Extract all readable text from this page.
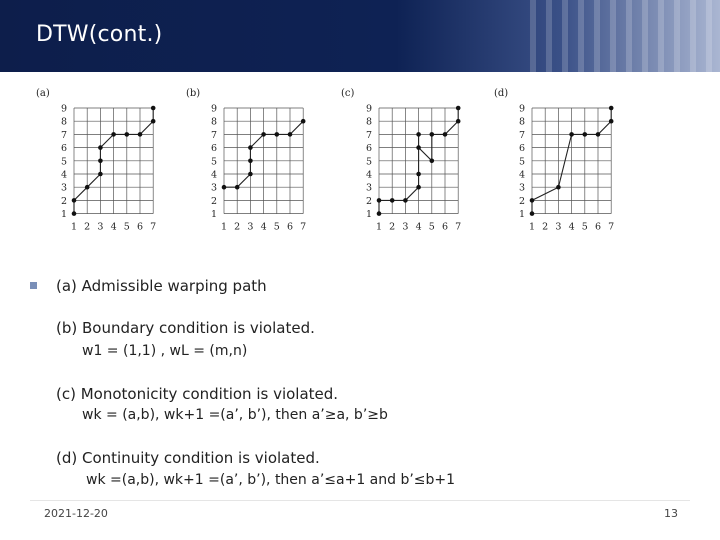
DTW(cont.)
(a)
1
2
3
4
5
6
7
8
9
1 2 3 4 5 6 7
(b)
1
2
3
4
5
6
7
8
9
1 2 3 4 5 6 7
(c)
1
2
3
4
5
6
7
8
9
1 2 3 4 5 6 7
(d)
1
2
3
4
5
6
7
8
9
1 2 3 4 5 6 7
(a) Admissible warping path
(b) Boundary condition is violated.
w1 = (1,1) , wL = (m,n)
(c) Monotonicity condition is violated.
wk = (a,b), wk+1 =(a’, b’), then a’≥a, b’≥b
(d) Continuity condition is violated.
wk =(a,b), wk+1 =(a’, b’), then a’≤a+1 and b’≤b+1
2021-12-20	13
